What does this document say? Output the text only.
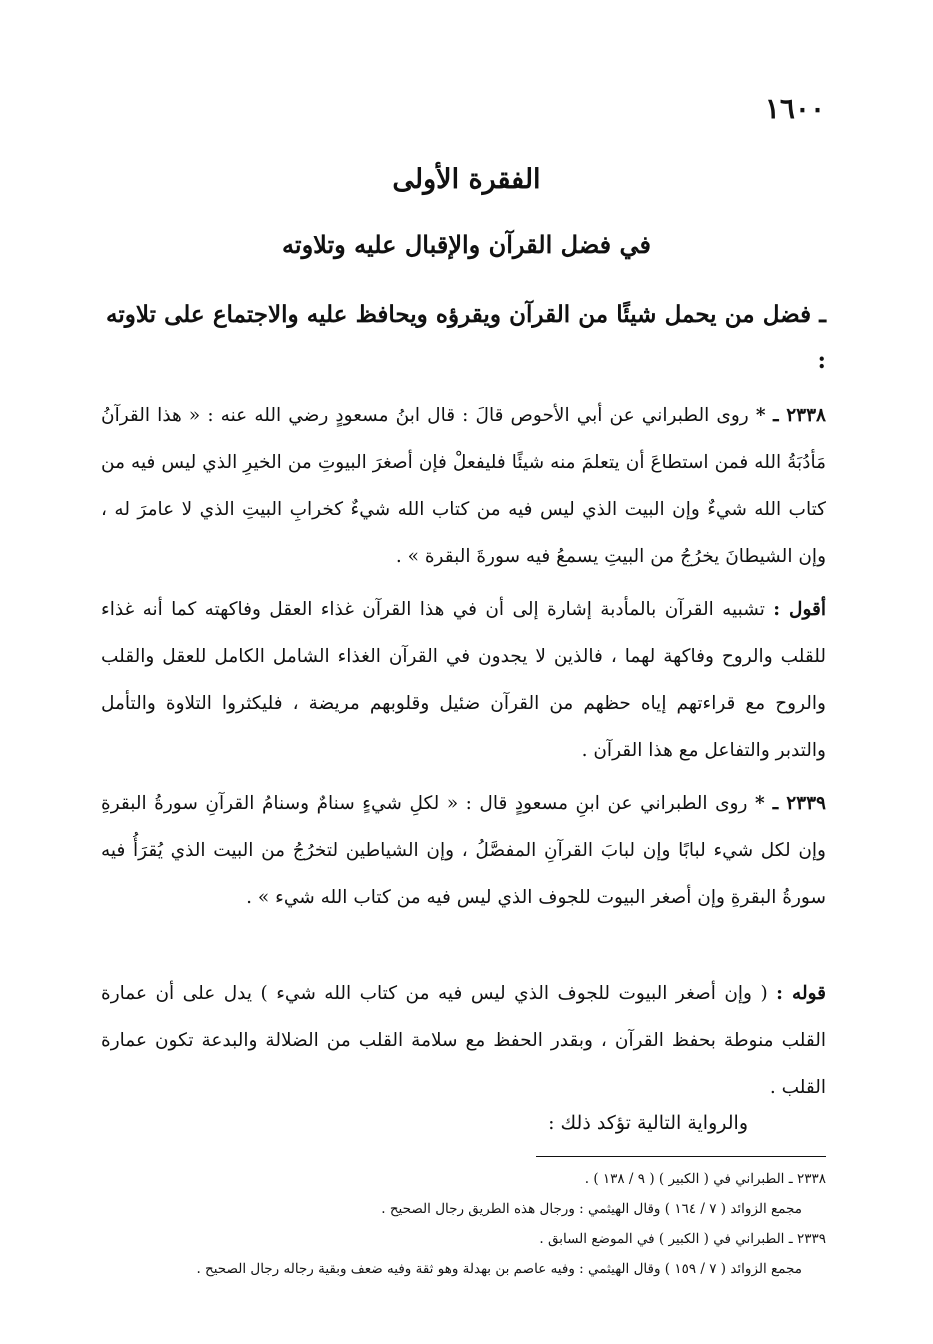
١٦٠٠
الفقرة الأولى
في فضل القرآن والإقبال عليه وتلاوته
ـ فضل من يحمل شيئًا من القرآن ويقرؤه ويحافظ عليه والاجتماع على تلاوته :
٢٣٣٨ ـ * روى الطبراني عن أبي الأحوص قالَ : قال ابنُ مسعودٍ رضي الله عنه : « هذا القرآنُ مَأدُبَةُ الله فمن استطاعَ أن يتعلمَ منه شيئًا فليفعلْ فإن أصغرَ البيوتِ من الخيرِ الذي ليس فيه من كتاب الله شيءٌ وإن البيت الذي ليس فيه من كتاب الله شيءٌ كخرابِ البيتِ الذي لا عامرَ له ، وإن الشيطانَ يخرُجُ من البيتِ يسمعُ فيه سورةَ البقرة » .
أقول : تشبيه القرآن بالمأدبة إشارة إلى أن في هذا القرآن غذاء العقل وفاكهته كما أنه غذاء للقلب والروح وفاكهة لهما ، فالذين لا يجدون في القرآن الغذاء الشامل الكامل للعقل والقلب والروح مع قراءتهم إياه حظهم من القرآن ضئيل وقلوبهم مريضة ، فليكثروا التلاوة والتأمل والتدبر والتفاعل مع هذا القرآن .
٢٣٣٩ ـ * روى الطبراني عن ابنِ مسعودٍ قال : « لكلِ شيءٍ سنامٌ وسنامُ القرآنِ سورةُ البقرةِ وإن لكل شيء لبابًا وإن لبابَ القرآنِ المفصَّلُ ، وإن الشياطين لتخرُجُ من البيت الذي يُقرَأُ فيه سورةُ البقرةِ وإن أصغر البيوت للجوف الذي ليس فيه من كتاب الله شيء » .
قوله : ( وإن أصغر البيوت للجوف الذي ليس فيه من كتاب الله شيء ) يدل على أن عمارة القلب منوطة بحفظ القرآن ، وبقدر الحفظ مع سلامة القلب من الضلالة والبدعة تكون عمارة القلب .
والرواية التالية تؤكد ذلك :
٢٣٣٨ ـ الطبراني في ( الكبير ) ( ٩ / ١٣٨ ) .
مجمع الزوائد ( ٧ / ١٦٤ ) وقال الهيثمي : ورجال هذه الطريق رجال الصحيح .
٢٣٣٩ ـ الطبراني في ( الكبير ) في الموضع السابق .
مجمع الزوائد ( ٧ / ١٥٩ ) وقال الهيثمي : وفيه عاصم بن بهدلة وهو ثقة وفيه ضعف وبقية رجاله رجال الصحيح .
